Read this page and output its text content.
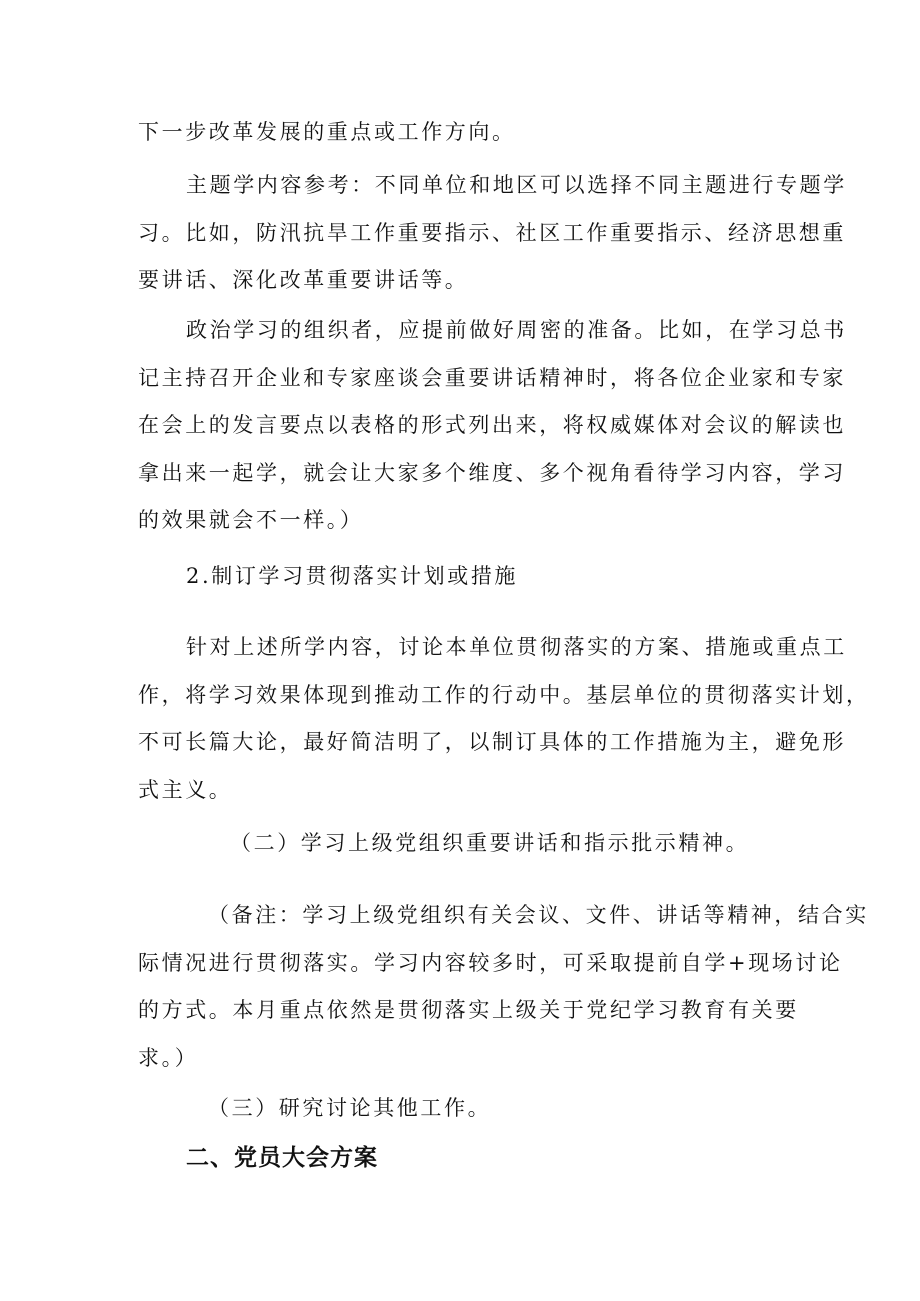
下一步改革发展的重点或工作方向。
主题学内容参考：不同单位和地区可以选择不同主题进行专题学
习。比如，防汛抗旱工作重要指示、社区工作重要指示、经济思想重
要讲话、深化改革重要讲话等。
政治学习的组织者，应提前做好周密的准备。比如，在学习总书
记主持召开企业和专家座谈会重要讲话精神时，将各位企业家和专家
在会上的发言要点以表格的形式列出来，将权威媒体对会议的解读也
拿出来一起学，就会让大家多个维度、多个视角看待学习内容，学习
的效果就会不一样。）
2.制订学习贯彻落实计划或措施
针对上述所学内容，讨论本单位贯彻落实的方案、措施或重点工
作，将学习效果体现到推动工作的行动中。基层单位的贯彻落实计划，
不可长篇大论，最好简洁明了，以制订具体的工作措施为主，避免形
式主义。
（二）学习上级党组织重要讲话和指示批示精神。
（备注：学习上级党组织有关会议、文件、讲话等精神，结合实
际情况进行贯彻落实。学习内容较多时，可采取提前自学+现场讨论
的方式。本月重点依然是贯彻落实上级关于党纪学习教育有关要
求。）
（三）研究讨论其他工作。
二、党员大会方案
